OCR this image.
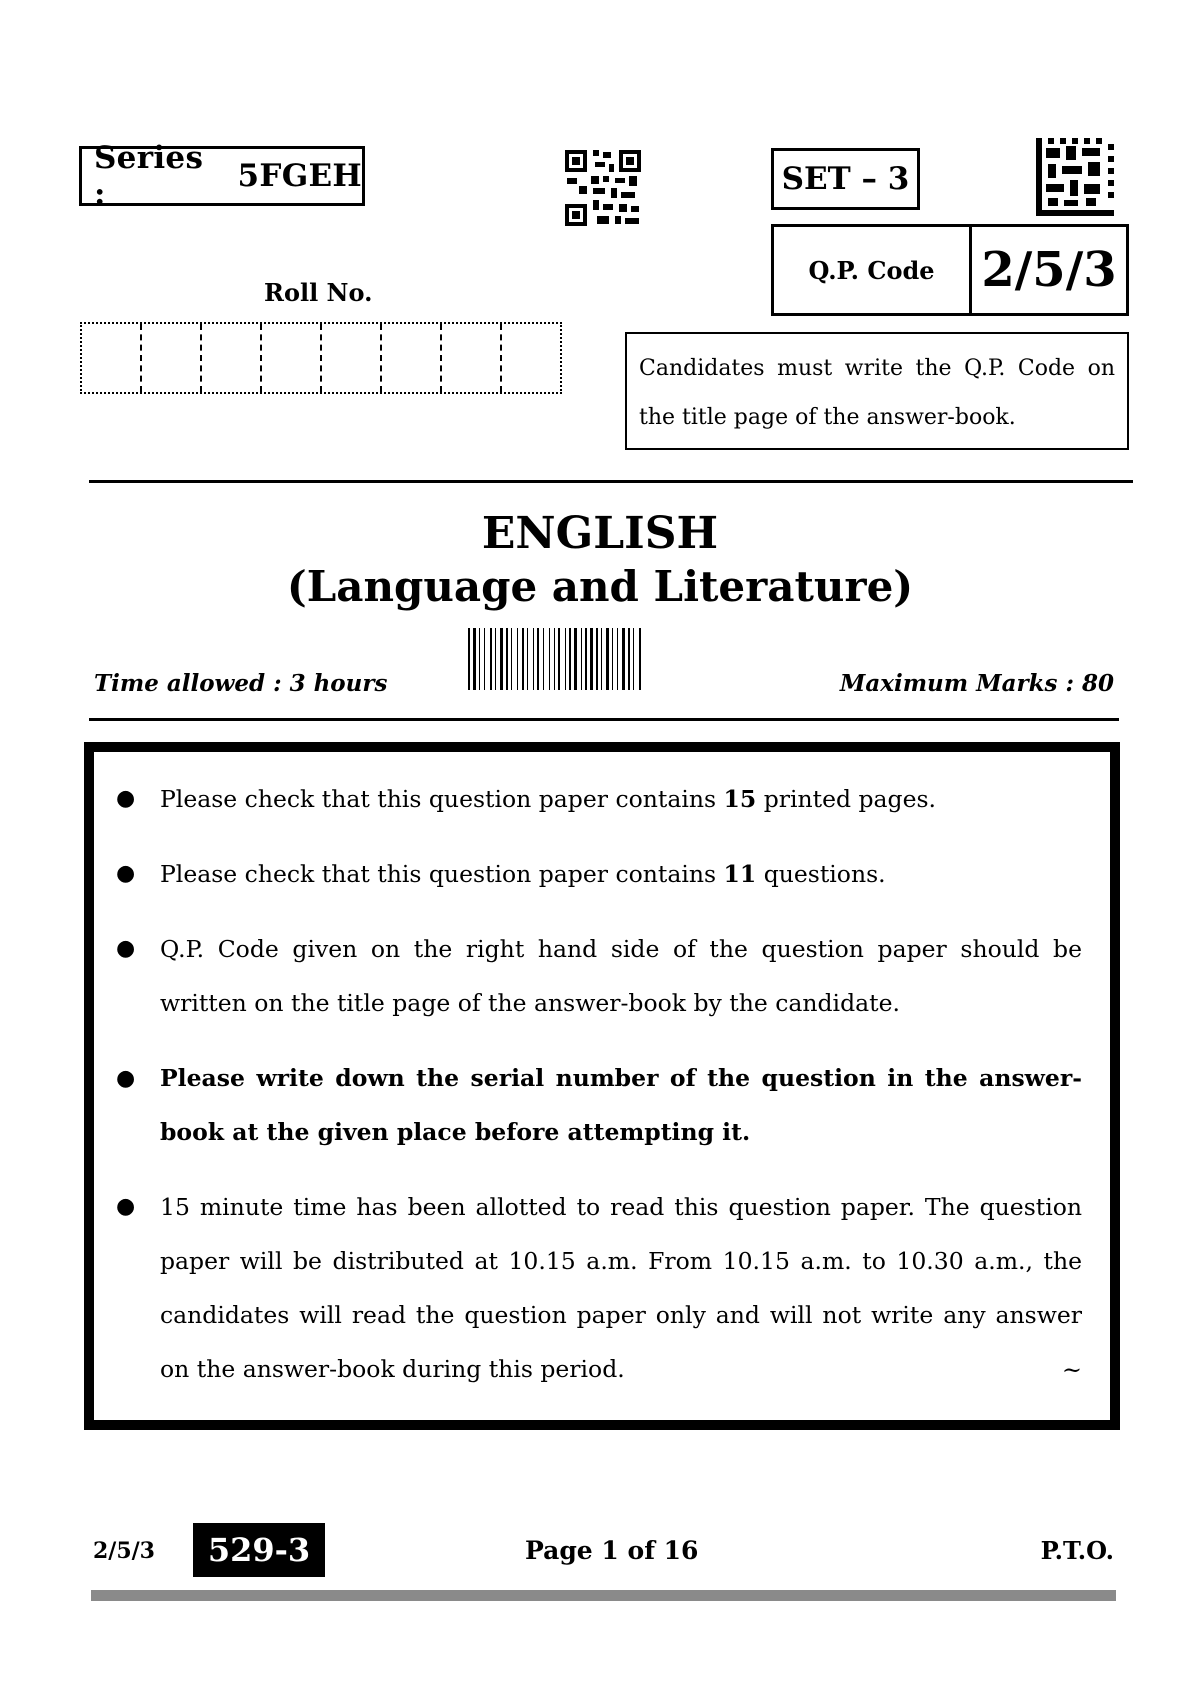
Series :	5FGEH	SET – 3
Q.P. Code 2/5/3
Roll No.
Candidates must write the Q.P. Code on the title page of the answer-book.
ENGLISH
(Language and Literature)
Time allowed : 3 hours	Maximum Marks : 80
● Please check that this question paper contains 15 printed pages.
● Please check that this question paper contains 11 questions.
● Q.P. Code given on the right hand side of the question paper should be written on the title page of the answer-book by the candidate.
● Please write down the serial number of the question in the answer-book at the given place before attempting it.
● 15 minute time has been allotted to read this question paper. The question paper will be distributed at 10.15 a.m. From 10.15 a.m. to 10.30 a.m., the candidates will read the question paper only and will not write any answer on the answer-book during this period.	~
2/5/3	529-3	Page 1 of 16	P.T.O.
